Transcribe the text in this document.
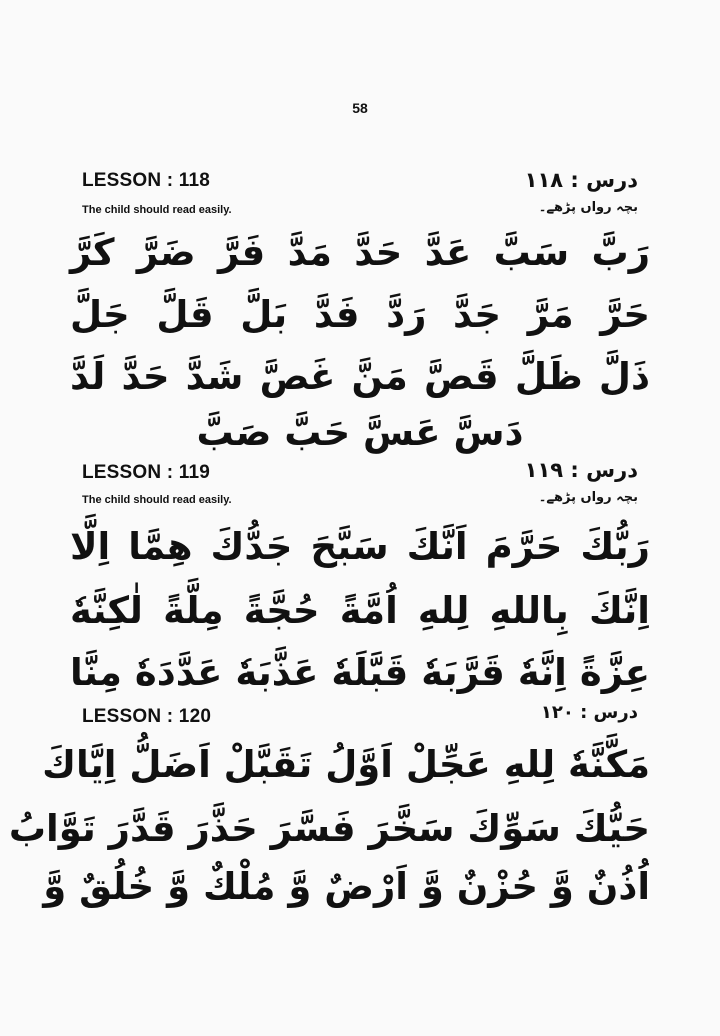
58
LESSON : 118
The child should read easily.
درس : ۱۱۸
بچہ رواں پڑھے۔
رَبَّ سَبَّ عَدَّ حَدَّ مَدَّ فَرَّ ضَرَّ كَرَّ
حَرَّ مَرَّ جَدَّ رَدَّ فَدَّ بَلَّ قَلَّ جَلَّ
ذَلَّ ظَلَّ قَصَّ مَنَّ غَصَّ شَدَّ حَدَّ لَدَّ
دَسَّ عَسَّ حَبَّ صَبَّ
LESSON : 119
The child should read easily.
درس : ۱۱۹
بچہ رواں پڑھے۔
رَبُّكَ حَرَّمَ اَنَّكَ سَبَّحَ جَدُّكَ هِمَّا اِلَّا
اِنَّكَ بِاللهِ لِلهِ اُمَّةً حُجَّةً مِلَّةً لٰكِنَّهٗ
عِزَّةً اِنَّهٗ قَرَّبَهٗ قَبَّلَهٗ عَذَّبَهٗ عَدَّدَهٗ مِنَّا
LESSON : 120	درس : ۱۲۰
مَكَّنَّهٗ لِلهِ عَجِّلْ اَوَّلُ تَقَبَّلْ اَضَلُّ اِيَّاكَ
حَيُّكَ سَوِّكَ سَخَّرَ فَسَّرَ حَذَّرَ قَدَّرَ تَوَّابُ
اُذُنٌ وَّ حُزْنٌ وَّ اَرْضٌ وَّ مُلْكٌ وَّ خُلُقٌ وَّ
